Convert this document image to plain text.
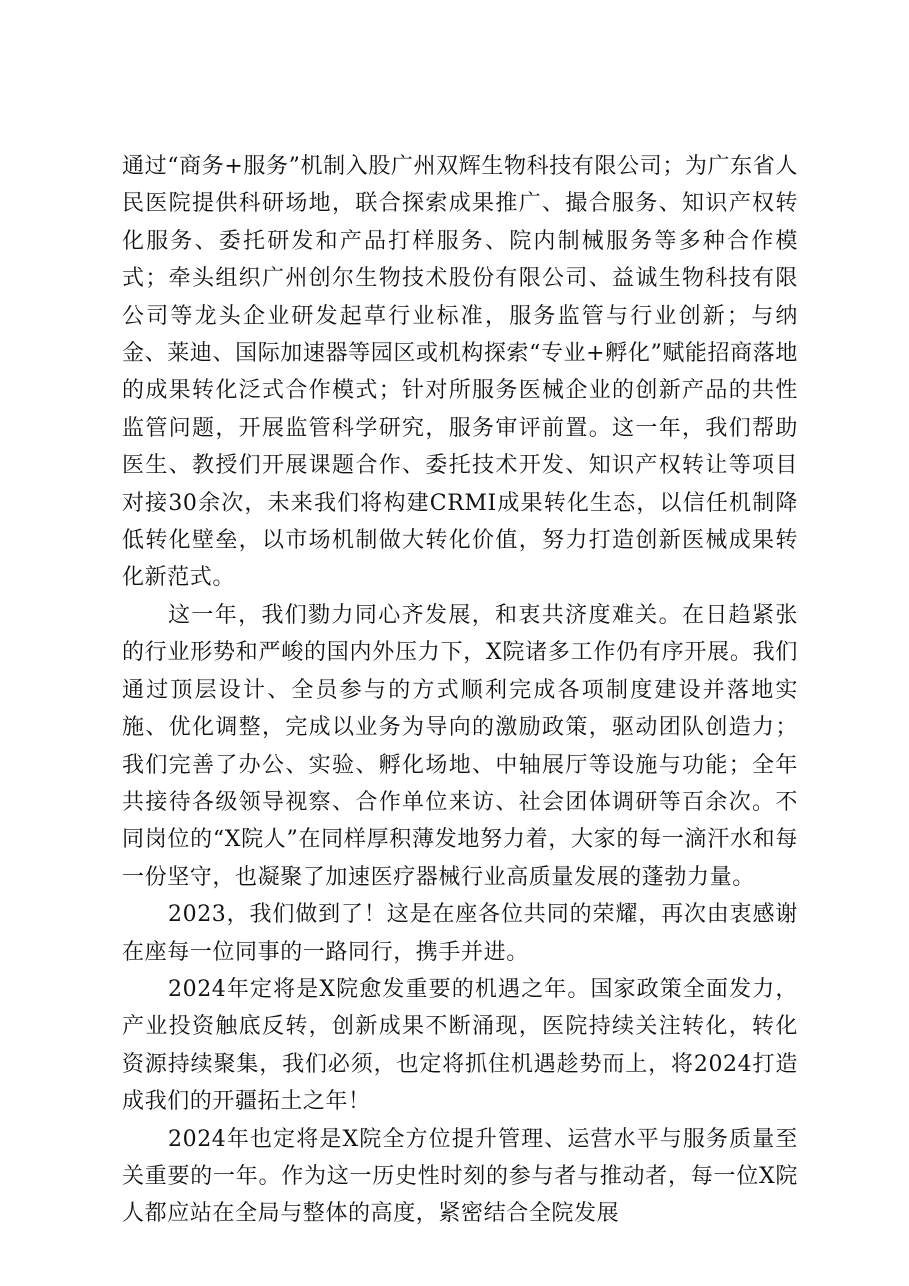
通过“商务+服务”机制入股广州双辉生物科技有限公司；为广东省人民医院提供科研场地，联合探索成果推广、撮合服务、知识产权转化服务、委托研发和产品打样服务、院内制械服务等多种合作模式；牵头组织广州创尔生物技术股份有限公司、益诚生物科技有限公司等龙头企业研发起草行业标准，服务监管与行业创新；与纳金、莱迪、国际加速器等园区或机构探索“专业+孵化”赋能招商落地的成果转化泛式合作模式；针对所服务医械企业的创新产品的共性监管问题，开展监管科学研究，服务审评前置。这一年，我们帮助医生、教授们开展课题合作、委托技术开发、知识产权转让等项目对接30余次，未来我们将构建CRMI成果转化生态，以信任机制降低转化壁垒，以市场机制做大转化价值，努力打造创新医械成果转化新范式。

这一年，我们勠力同心齐发展，和衷共济度难关。在日趋紧张的行业形势和严峻的国内外压力下，X院诸多工作仍有序开展。我们通过顶层设计、全员参与的方式顺利完成各项制度建设并落地实施、优化调整，完成以业务为导向的激励政策，驱动团队创造力；我们完善了办公、实验、孵化场地、中轴展厅等设施与功能；全年共接待各级领导视察、合作单位来访、社会团体调研等百余次。不同岗位的“X院人”在同样厚积薄发地努力着，大家的每一滴汗水和每一份坚守，也凝聚了加速医疗器械行业高质量发展的蓬勃力量。

2023，我们做到了！这是在座各位共同的荣耀，再次由衷感谢在座每一位同事的一路同行，携手并进。

2024年定将是X院愈发重要的机遇之年。国家政策全面发力，产业投资触底反转，创新成果不断涌现，医院持续关注转化，转化资源持续聚集，我们必须，也定将抓住机遇趁势而上，将2024打造成我们的开疆拓土之年！

2024年也定将是X院全方位提升管理、运营水平与服务质量至关重要的一年。作为这一历史性时刻的参与者与推动者，每一位X院人都应站在全局与整体的高度，紧密结合全院发展
